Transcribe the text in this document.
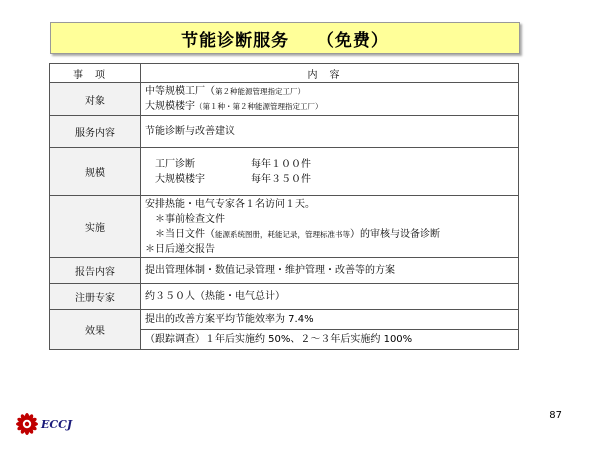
节能诊断服务
（免费）
事项	内容
对象	中等规模工厂（第２种能源管理指定工厂）
大规模楼宇（第１种・第２种能源管理指定工厂）

服务内容	节能诊断与改善建议
规模	工厂诊断 每年１００件
大规模楼宇 每年３５０件

实施	安排热能・电气专家各１名访问１天。
＊事前检查文件
＊当日文件（能源系统图册，耗能记录，管理标准书等）的审核与设备诊断
＊日后递交报告

报告内容	提出管理体制・数值记录管理・维护管理・改善等的方案
注册专家	约３５０人（热能・电气总计）
效果	提出的改善方案平均节能效率为 7.4%
	（跟踪调查）１年后实施约 50%、２～３年后实施约 100%
ECCJ
87
